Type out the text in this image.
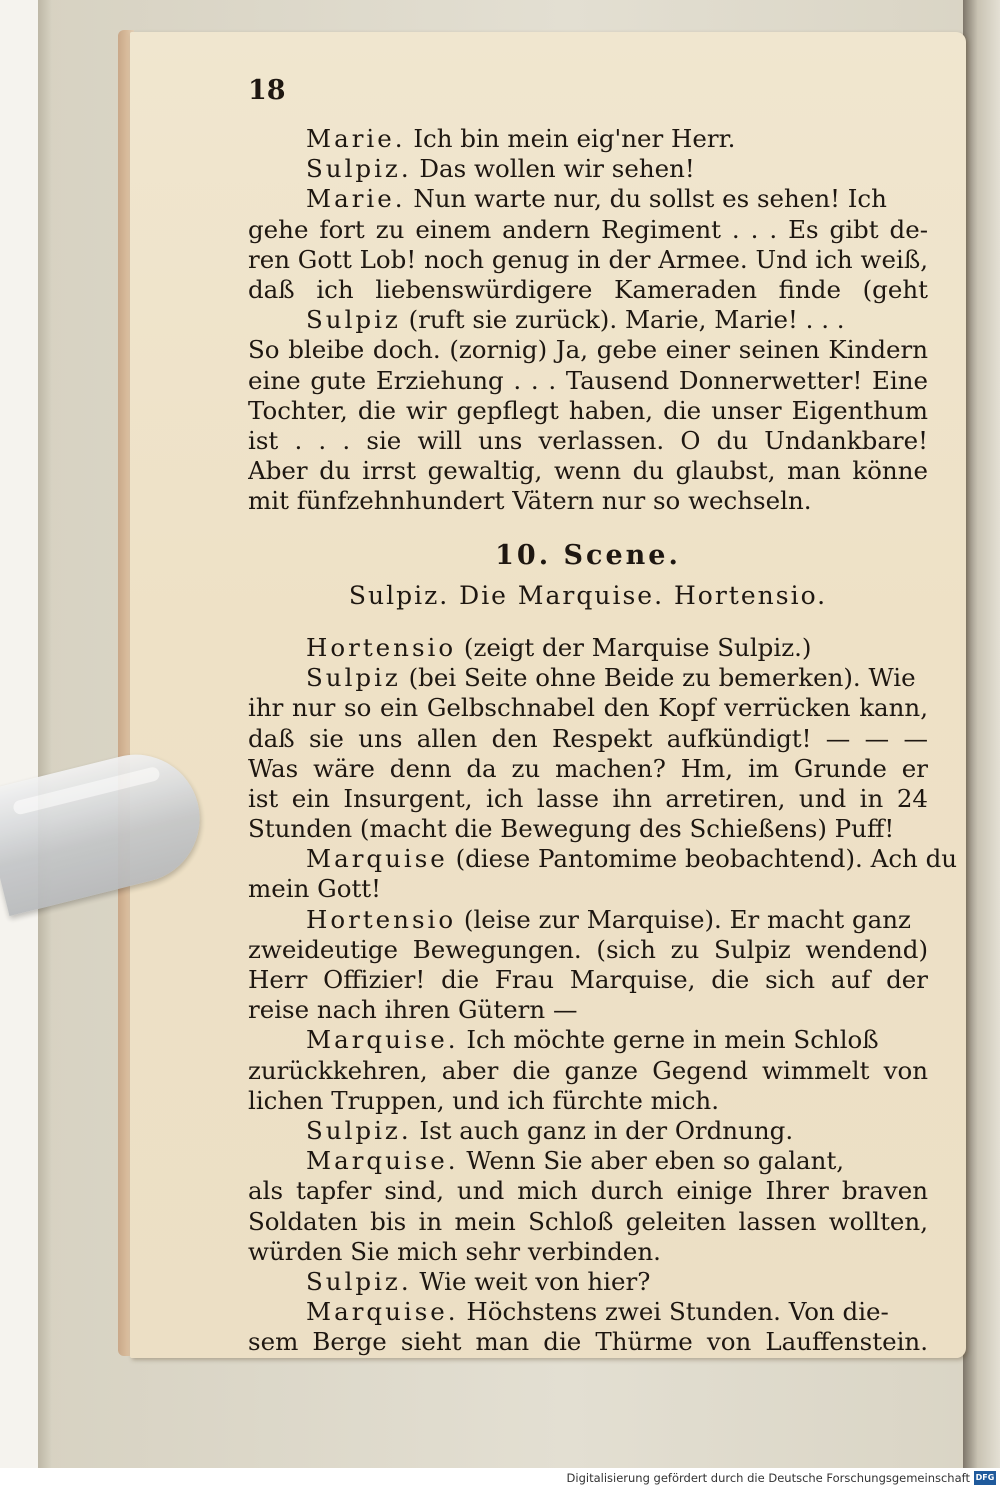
18
Marie. Ich bin mein eig'ner Herr.
Sulpiz. Das wollen wir sehen!
Marie. Nun warte nur, du sollst es sehen! Ich
gehe fort zu einem andern Regiment . . . Es gibt de-
ren Gott Lob! noch genug in der Armee. Und ich weiß,
daß ich liebenswürdigere Kameraden finde (geht
Sulpiz (ruft sie zurück). Marie, Marie! . . .
So bleibe doch. (zornig) Ja, gebe einer seinen Kindern
eine gute Erziehung . . . Tausend Donnerwetter! Eine
Tochter, die wir gepflegt haben, die unser Eigenthum
ist . . . sie will uns verlassen. O du Undankbare!
Aber du irrst gewaltig, wenn du glaubst, man könne
mit fünfzehnhundert Vätern nur so wechseln.
10. Scene.
Sulpiz. Die Marquise. Hortensio.
Hortensio (zeigt der Marquise Sulpiz.)
Sulpiz (bei Seite ohne Beide zu bemerken). Wie
ihr nur so ein Gelbschnabel den Kopf verrücken kann,
daß sie uns allen den Respekt aufkündigt! — — —
Was wäre denn da zu machen? Hm, im Grunde er
ist ein Insurgent, ich lasse ihn arretiren, und in 24
Stunden (macht die Bewegung des Schießens) Puff!
Marquise (diese Pantomime beobachtend). Ach du
mein Gott!
Hortensio (leise zur Marquise). Er macht ganz
zweideutige Bewegungen. (sich zu Sulpiz wendend)
Herr Offizier! die Frau Marquise, die sich auf der
reise nach ihren Gütern —
Marquise. Ich möchte gerne in mein Schloß
zurückkehren, aber die ganze Gegend wimmelt von
lichen Truppen, und ich fürchte mich.
Sulpiz. Ist auch ganz in der Ordnung.
Marquise. Wenn Sie aber eben so galant,
als tapfer sind, und mich durch einige Ihrer braven
Soldaten bis in mein Schloß geleiten lassen wollten,
würden Sie mich sehr verbinden.
Sulpiz. Wie weit von hier?
Marquise. Höchstens zwei Stunden. Von die-
sem Berge sieht man die Thürme von Lauffenstein.
Digitalisierung gefördert durch die Deutsche Forschungsgemeinschaft DFG
